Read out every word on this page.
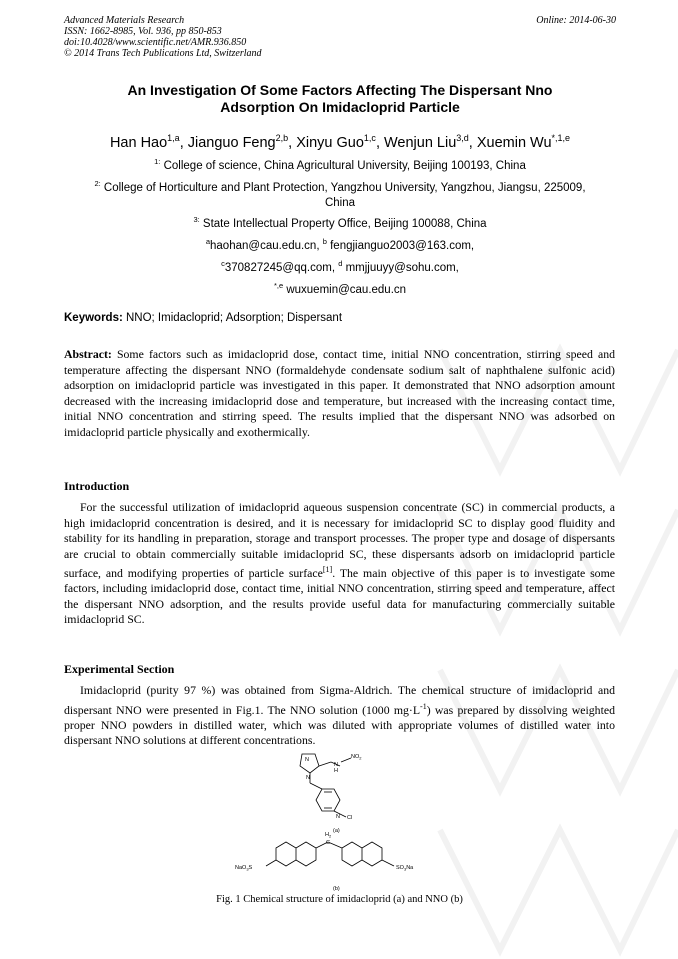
Advanced Materials Research
ISSN: 1662-8985, Vol. 936, pp 850-853
doi:10.4028/www.scientific.net/AMR.936.850
© 2014 Trans Tech Publications Ltd, Switzerland
Online: 2014-06-30
An Investigation Of Some Factors Affecting The Dispersant Nno
Adsorption On Imidacloprid Particle
Han Hao$^{1,a}$, Jianguo Feng$^{2,b}$, Xinyu Guo$^{1,c}$, Wenjun Liu$^{3,d}$, Xuemin $Wu^{*,1,e}$
$^{1:}$ College of science, China Agricultural University, Beijing 100193, China
$^{2:}$ College of Horticulture and Plant Protection, Yangzhou University, Yangzhou, Jiangsu, 225009,
China
$^{3:}$ State Intellectual Property Office, Beijing 100088, China
$^a$haohan@cau.edu.cn, $^b$ fengjianguo2003@163.com,
$^c$370827245@qq.com, $^d$ mmjjuuyy@sohu.com,
$^{*,e}$ wuxuemin@cau.edu.cn
Keywords: NNO; Imidacloprid; Adsorption; Dispersant
Abstract: Some factors such as imidacloprid dose, contact time, initial NNO concentration, stirring speed and temperature affecting the dispersant NNO (formaldehyde condensate sodium salt of naphthalene sulfonic acid) adsorption on imidacloprid particle was investigated in this paper. It demonstrated that NNO adsorption amount decreased with the increasing imidacloprid dose and temperature, but increased with the increasing contact time, initial NNO concentration and stirring speed. The results implied that the dispersant NNO was adsorbed on imidacloprid particle physically and exothermically.
Introduction
For the successful utilization of imidacloprid aqueous suspension concentrate (SC) in commercial products, a high imidacloprid concentration is desired, and it is necessary for imidacloprid SC to display good fluidity and stability for its handling in preparation, storage and transport processes. The proper type and dosage of dispersants are crucial to obtain commercially suitable imidacloprid SC, these dispersants adsorb on imidacloprid particle surface, and modifying properties of particle surface[1]. The main objective of this paper is to investigate some factors, including imidacloprid dose, contact time, initial NNO concentration, stirring speed and temperature, affect the dispersant NNO adsorption, and the results provide useful data for manufacturing commercially suitable imidacloprid SC.
Experimental Section
Imidacloprid (purity 97 %) was obtained from Sigma-Aldrich. The chemical structure of imidacloprid and dispersant NNO were presented in Fig.1. The NNO solution (1000 $mg\cdot L^{-1}$) was prepared by dissolving weighted proper NNO powders in distilled water, which was diluted with appropriate volumes of distilled water into dispersant NNO solutions at different concentrations.
N
N
N
H
$NO_2$
N Cl
(a)
$H_2$
C
NaO$_3$S	$SO_3Na$
(b)
Fig. 1 Chemical structure of imidacloprid (a) and NNO (b)
